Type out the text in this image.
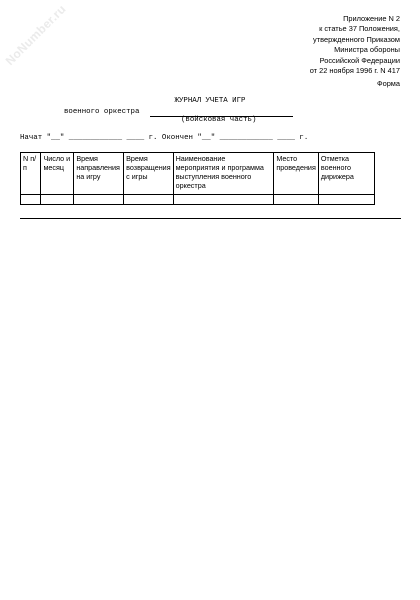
NoNumber.ru	Приложение N 2
к статье 37 Положения,
утвержденного Приказом
Министра обороны
Российской Федерации
от 22 ноября 1996 г. N 417
Форма
ЖУРНАЛ УЧЕТА ИГР
военного оркестра
(войсковая часть)
Начат "__" ____________ ____ г. Окончен "__" ____________ ____ г.
N п/п	Число и месяц	Время направления на игру	Время возвращения с игры	Наименование мероприятия и программа выступления военного оркестра	Место проведения	Отметка военного дирижера
